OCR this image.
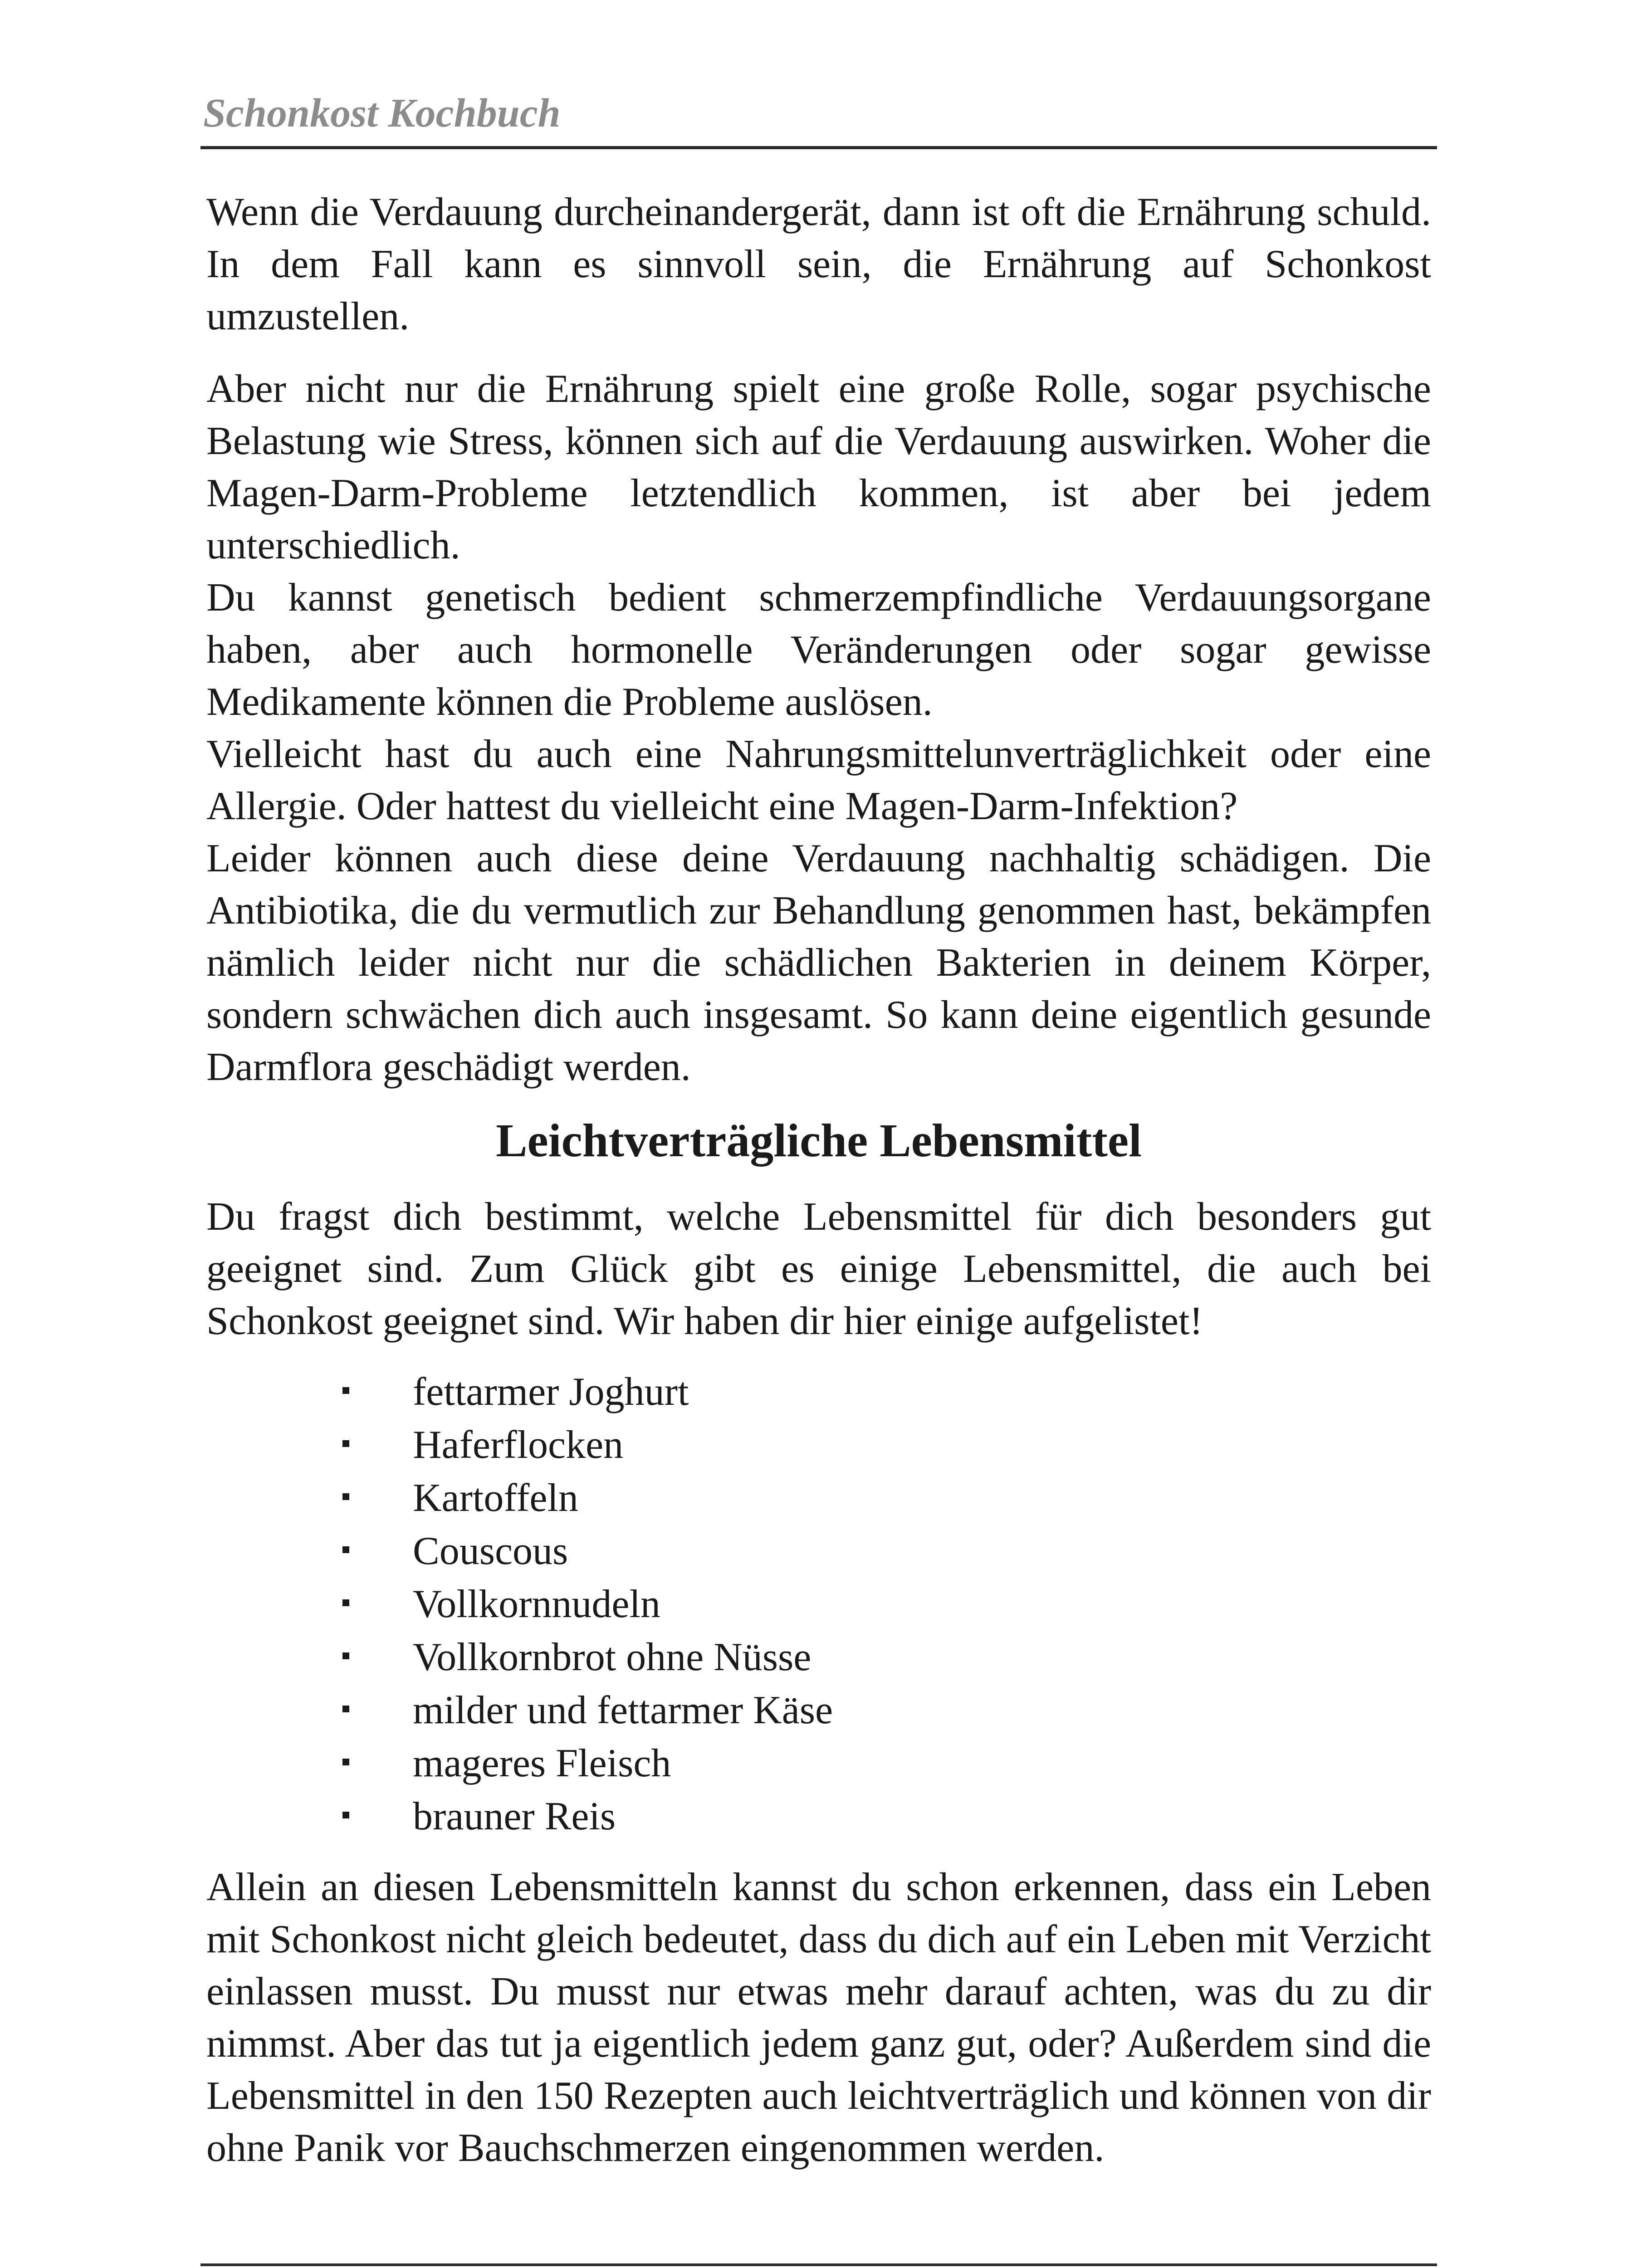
Schonkost Kochbuch

Wenn die Verdauung durcheinandergerät, dann ist oft die Ernährung schuld. In dem Fall kann es sinnvoll sein, die Ernährung auf Schonkost umzustellen.

Aber nicht nur die Ernährung spielt eine große Rolle, sogar psychische Belastung wie Stress, können sich auf die Verdauung auswirken. Woher die Magen-Darm-Probleme letztendlich kommen, ist aber bei jedem unterschiedlich.

Du kannst genetisch bedient schmerzempfindliche Verdauungsorgane haben, aber auch hormonelle Veränderungen oder sogar gewisse Medikamente können die Probleme auslösen.

Vielleicht hast du auch eine Nahrungsmittelunverträglichkeit oder eine Allergie. Oder hattest du vielleicht eine Magen-Darm-Infektion?

Leider können auch diese deine Verdauung nachhaltig schädigen. Die Antibiotika, die du vermutlich zur Behandlung genommen hast, bekämpfen nämlich leider nicht nur die schädlichen Bakterien in deinem Körper, sondern schwächen dich auch insgesamt. So kann deine eigentlich gesunde Darmflora geschädigt werden.

Leichtverträgliche Lebensmittel

Du fragst dich bestimmt, welche Lebensmittel für dich besonders gut geeignet sind. Zum Glück gibt es einige Lebensmittel, die auch bei Schonkost geeignet sind. Wir haben dir hier einige aufgelistet!

fettarmer Joghurt
Haferflocken
Kartoffeln
Couscous
Vollkornnudeln
Vollkornbrot ohne Nüsse
milder und fettarmer Käse
mageres Fleisch
brauner Reis

Allein an diesen Lebensmitteln kannst du schon erkennen, dass ein Leben mit Schonkost nicht gleich bedeutet, dass du dich auf ein Leben mit Verzicht einlassen musst. Du musst nur etwas mehr darauf achten, was du zu dir nimmst. Aber das tut ja eigentlich jedem ganz gut, oder? Außerdem sind die Lebensmittel in den 150 Rezepten auch leichtverträglich und können von dir ohne Panik vor Bauchschmerzen eingenommen werden.
